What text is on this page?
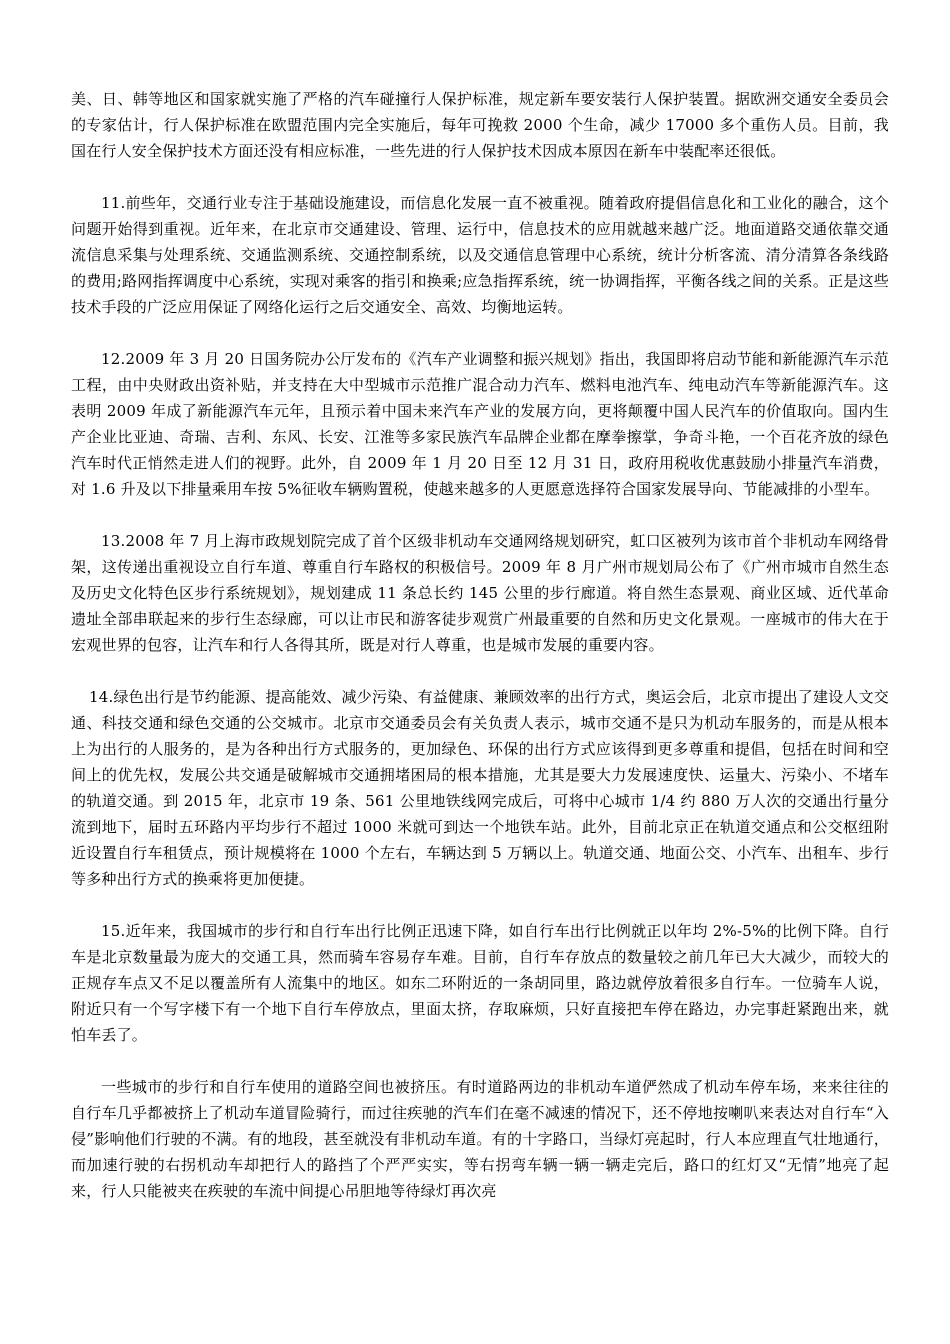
美、日、韩等地区和国家就实施了严格的汽车碰撞行人保护标准，规定新车要安装行人保护装置。据欧洲交通安全委员会的专家估计，行人保护标准在欧盟范围内完全实施后，每年可挽救 2000 个生命，减少 17000 多个重伤人员。目前，我国在行人安全保护技术方面还没有相应标准，一些先进的行人保护技术因成本原因在新车中装配率还很低。

11.前些年，交通行业专注于基础设施建设，而信息化发展一直不被重视。随着政府提倡信息化和工业化的融合，这个问题开始得到重视。近年来，在北京市交通建设、管理、运行中，信息技术的应用就越来越广泛。地面道路交通依靠交通流信息采集与处理系统、交通监测系统、交通控制系统，以及交通信息管理中心系统，统计分析客流、清分清算各条线路的费用;路网指挥调度中心系统，实现对乘客的指引和换乘;应急指挥系统，统一协调指挥，平衡各线之间的关系。正是这些技术手段的广泛应用保证了网络化运行之后交通安全、高效、均衡地运转。

12.2009 年 3 月 20 日国务院办公厅发布的《汽车产业调整和振兴规划》指出，我国即将启动节能和新能源汽车示范工程，由中央财政出资补贴，并支持在大中型城市示范推广混合动力汽车、燃料电池汽车、纯电动汽车等新能源汽车。这表明 2009 年成了新能源汽车元年，且预示着中国未来汽车产业的发展方向，更将颠覆中国人民汽车的价值取向。国内生产企业比亚迪、奇瑞、吉利、东风、长安、江淮等多家民族汽车品牌企业都在摩拳擦掌，争奇斗艳，一个百花齐放的绿色汽车时代正悄然走进人们的视野。此外，自 2009 年 1 月 20 日至 12 月 31 日，政府用税收优惠鼓励小排量汽车消费，对 1.6 升及以下排量乘用车按 5%征收车辆购置税，使越来越多的人更愿意选择符合国家发展导向、节能减排的小型车。

13.2008 年 7 月上海市政规划院完成了首个区级非机动车交通网络规划研究，虹口区被列为该市首个非机动车网络骨架，这传递出重视设立自行车道、尊重自行车路权的积极信号。2009 年 8 月广州市规划局公布了《广州市城市自然生态及历史文化特色区步行系统规划》，规划建成 11 条总长约 145 公里的步行廊道。将自然生态景观、商业区域、近代革命遗址全部串联起来的步行生态绿廊，可以让市民和游客徒步观赏广州最重要的自然和历史文化景观。一座城市的伟大在于宏观世界的包容，让汽车和行人各得其所，既是对行人尊重，也是城市发展的重要内容。

14.绿色出行是节约能源、提高能效、减少污染、有益健康、兼顾效率的出行方式，奥运会后，北京市提出了建设人文交通、科技交通和绿色交通的公交城市。北京市交通委员会有关负责人表示，城市交通不是只为机动车服务的，而是从根本上为出行的人服务的，是为各种出行方式服务的，更加绿色、环保的出行方式应该得到更多尊重和提倡，包括在时间和空间上的优先权，发展公共交通是破解城市交通拥堵困局的根本措施，尤其是要大力发展速度快、运量大、污染小、不堵车的轨道交通。到 2015 年，北京市 19 条、561 公里地铁线网完成后，可将中心城市 1/4 约 880 万人次的交通出行量分流到地下，届时五环路内平均步行不超过 1000 米就可到达一个地铁车站。此外，目前北京正在轨道交通点和公交枢纽附近设置自行车租赁点，预计规模将在 1000 个左右，车辆达到 5 万辆以上。轨道交通、地面公交、小汽车、出租车、步行等多种出行方式的换乘将更加便捷。

15.近年来，我国城市的步行和自行车出行比例正迅速下降，如自行车出行比例就正以年均 2%-5%的比例下降。自行车是北京数量最为庞大的交通工具，然而骑车容易存车难。目前，自行车存放点的数量较之前几年已大大减少，而较大的正规存车点又不足以覆盖所有人流集中的地区。如东二环附近的一条胡同里，路边就停放着很多自行车。一位骑车人说，附近只有一个写字楼下有一个地下自行车停放点，里面太挤，存取麻烦，只好直接把车停在路边，办完事赶紧跑出来，就怕车丢了。

一些城市的步行和自行车使用的道路空间也被挤压。有时道路两边的非机动车道俨然成了机动车停车场，来来往往的自行车几乎都被挤上了机动车道冒险骑行，而过往疾驰的汽车们在毫不减速的情况下，还不停地按喇叭来表达对自行车“入侵”影响他们行驶的不满。有的地段，甚至就没有非机动车道。有的十字路口，当绿灯亮起时，行人本应理直气壮地通行，而加速行驶的右拐机动车却把行人的路挡了个严严实实，等右拐弯车辆一辆一辆走完后，路口的红灯又“无情”地亮了起来，行人只能被夹在疾驶的车流中间提心吊胆地等待绿灯再次亮
